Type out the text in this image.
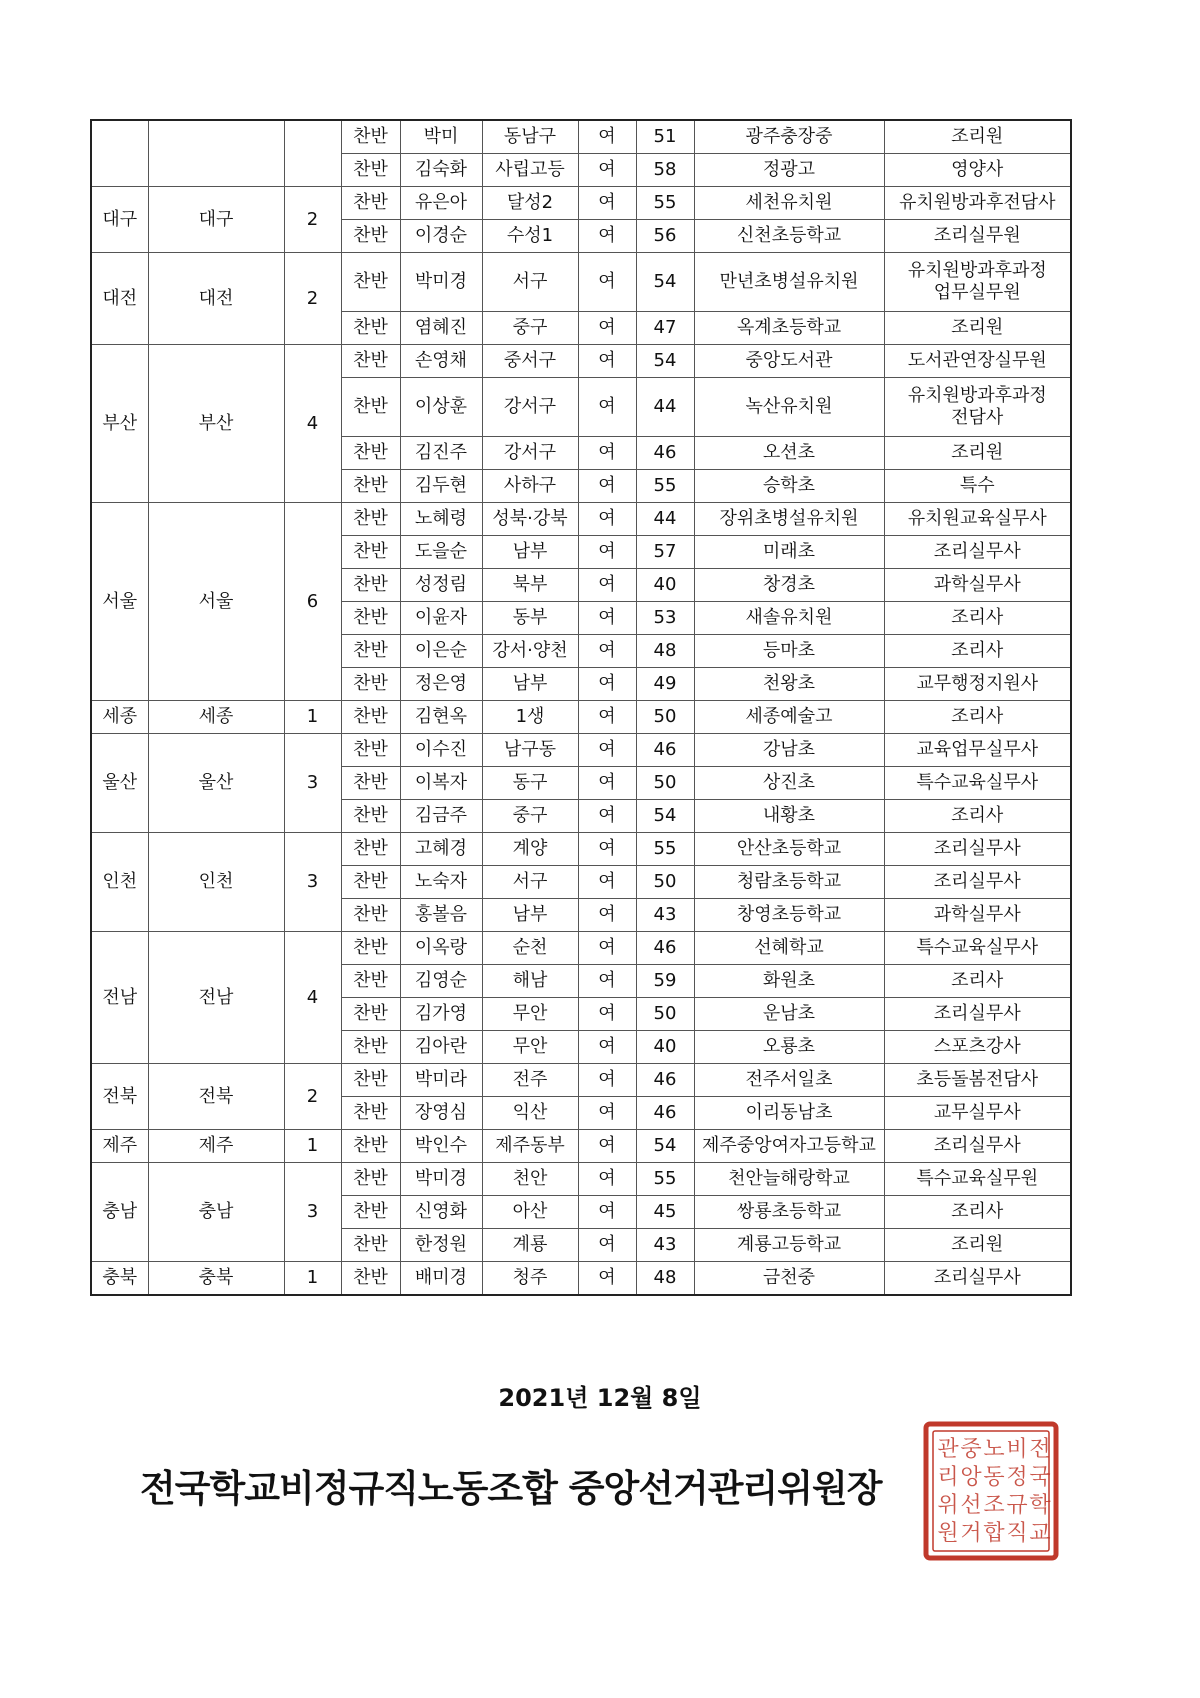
			찬반	박미	동남구	여	51	광주충장중	조리원

			찬반	김숙화	사립고등	여	58	정광고	영양사

대구	대구	2	찬반	유은아	달성2	여	55	세천유치원	유치원방과후전담사

			찬반	이경순	수성1	여	56	신천초등학교	조리실무원

대전	대전	2	찬반	박미경	서구	여	54	만년초병설유치원	유치원방과후과정
업무실무원

			찬반	염혜진	중구	여	47	옥계초등학교	조리원

부산	부산	4	찬반	손영채	중서구	여	54	중앙도서관	도서관연장실무원

			찬반	이상훈	강서구	여	44	녹산유치원	유치원방과후과정
전담사

			찬반	김진주	강서구	여	46	오션초	조리원

			찬반	김두현	사하구	여	55	승학초	특수

서울	서울	6	찬반	노혜령	성북·강북	여	44	장위초병설유치원	유치원교육실무사

			찬반	도을순	남부	여	57	미래초	조리실무사

			찬반	성정림	북부	여	40	창경초	과학실무사

			찬반	이윤자	동부	여	53	새솔유치원	조리사

			찬반	이은순	강서·양천	여	48	등마초	조리사

			찬반	정은영	남부	여	49	천왕초	교무행정지원사

세종	세종	1	찬반	김현옥	1생	여	50	세종예술고	조리사

울산	울산	3	찬반	이수진	남구동	여	46	강남초	교육업무실무사

			찬반	이복자	동구	여	50	상진초	특수교육실무사

			찬반	김금주	중구	여	54	내황초	조리사

인천	인천	3	찬반	고혜경	계양	여	55	안산초등학교	조리실무사

			찬반	노숙자	서구	여	50	청람초등학교	조리실무사

			찬반	홍볼음	남부	여	43	창영초등학교	과학실무사

전남	전남	4	찬반	이옥랑	순천	여	46	선혜학교	특수교육실무사

			찬반	김영순	해남	여	59	화원초	조리사

			찬반	김가영	무안	여	50	운남초	조리실무사

			찬반	김아란	무안	여	40	오룡초	스포츠강사

전북	전북	2	찬반	박미라	전주	여	46	전주서일초	초등돌봄전담사

			찬반	장영심	익산	여	46	이리동남초	교무실무사

제주	제주	1	찬반	박인수	제주동부	여	54	제주중앙여자고등학교	조리실무사

충남	충남	3	찬반	박미경	천안	여	55	천안늘해랑학교	특수교육실무원

			찬반	신영화	아산	여	45	쌍룡초등학교	조리사

			찬반	한정원	계룡	여	43	계룡고등학교	조리원

충북	충북	1	찬반	배미경	청주	여	48	금천중	조리실무사
2021년 12월 8일
전국학교비정규직노동조합 중앙선거관리위원장
전
국
학
교
비
정
규
직
노
동
조
합
중
앙
선
거
관
리
위
원
